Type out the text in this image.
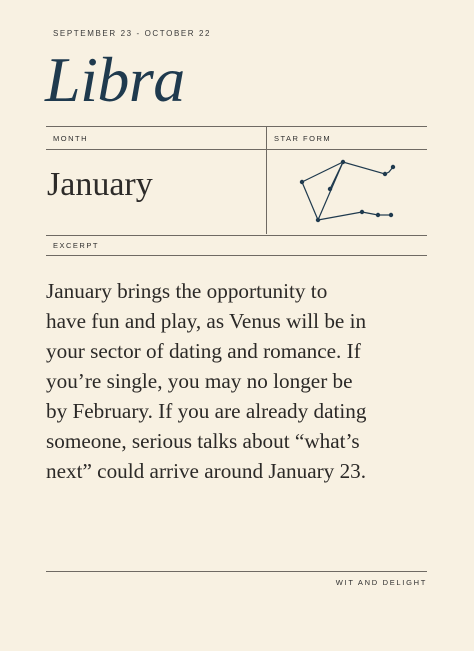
SEPTEMBER 23 - OCTOBER 22
Libra
MONTH	STAR FORM
January
EXCERPT
January brings the opportunity to
have fun and play, as Venus will be in
your sector of dating and romance. If
you’re single, you may no longer be
by February. If you are already dating
someone, serious talks about “what’s
next” could arrive around January 23.
WIT AND DELIGHT
